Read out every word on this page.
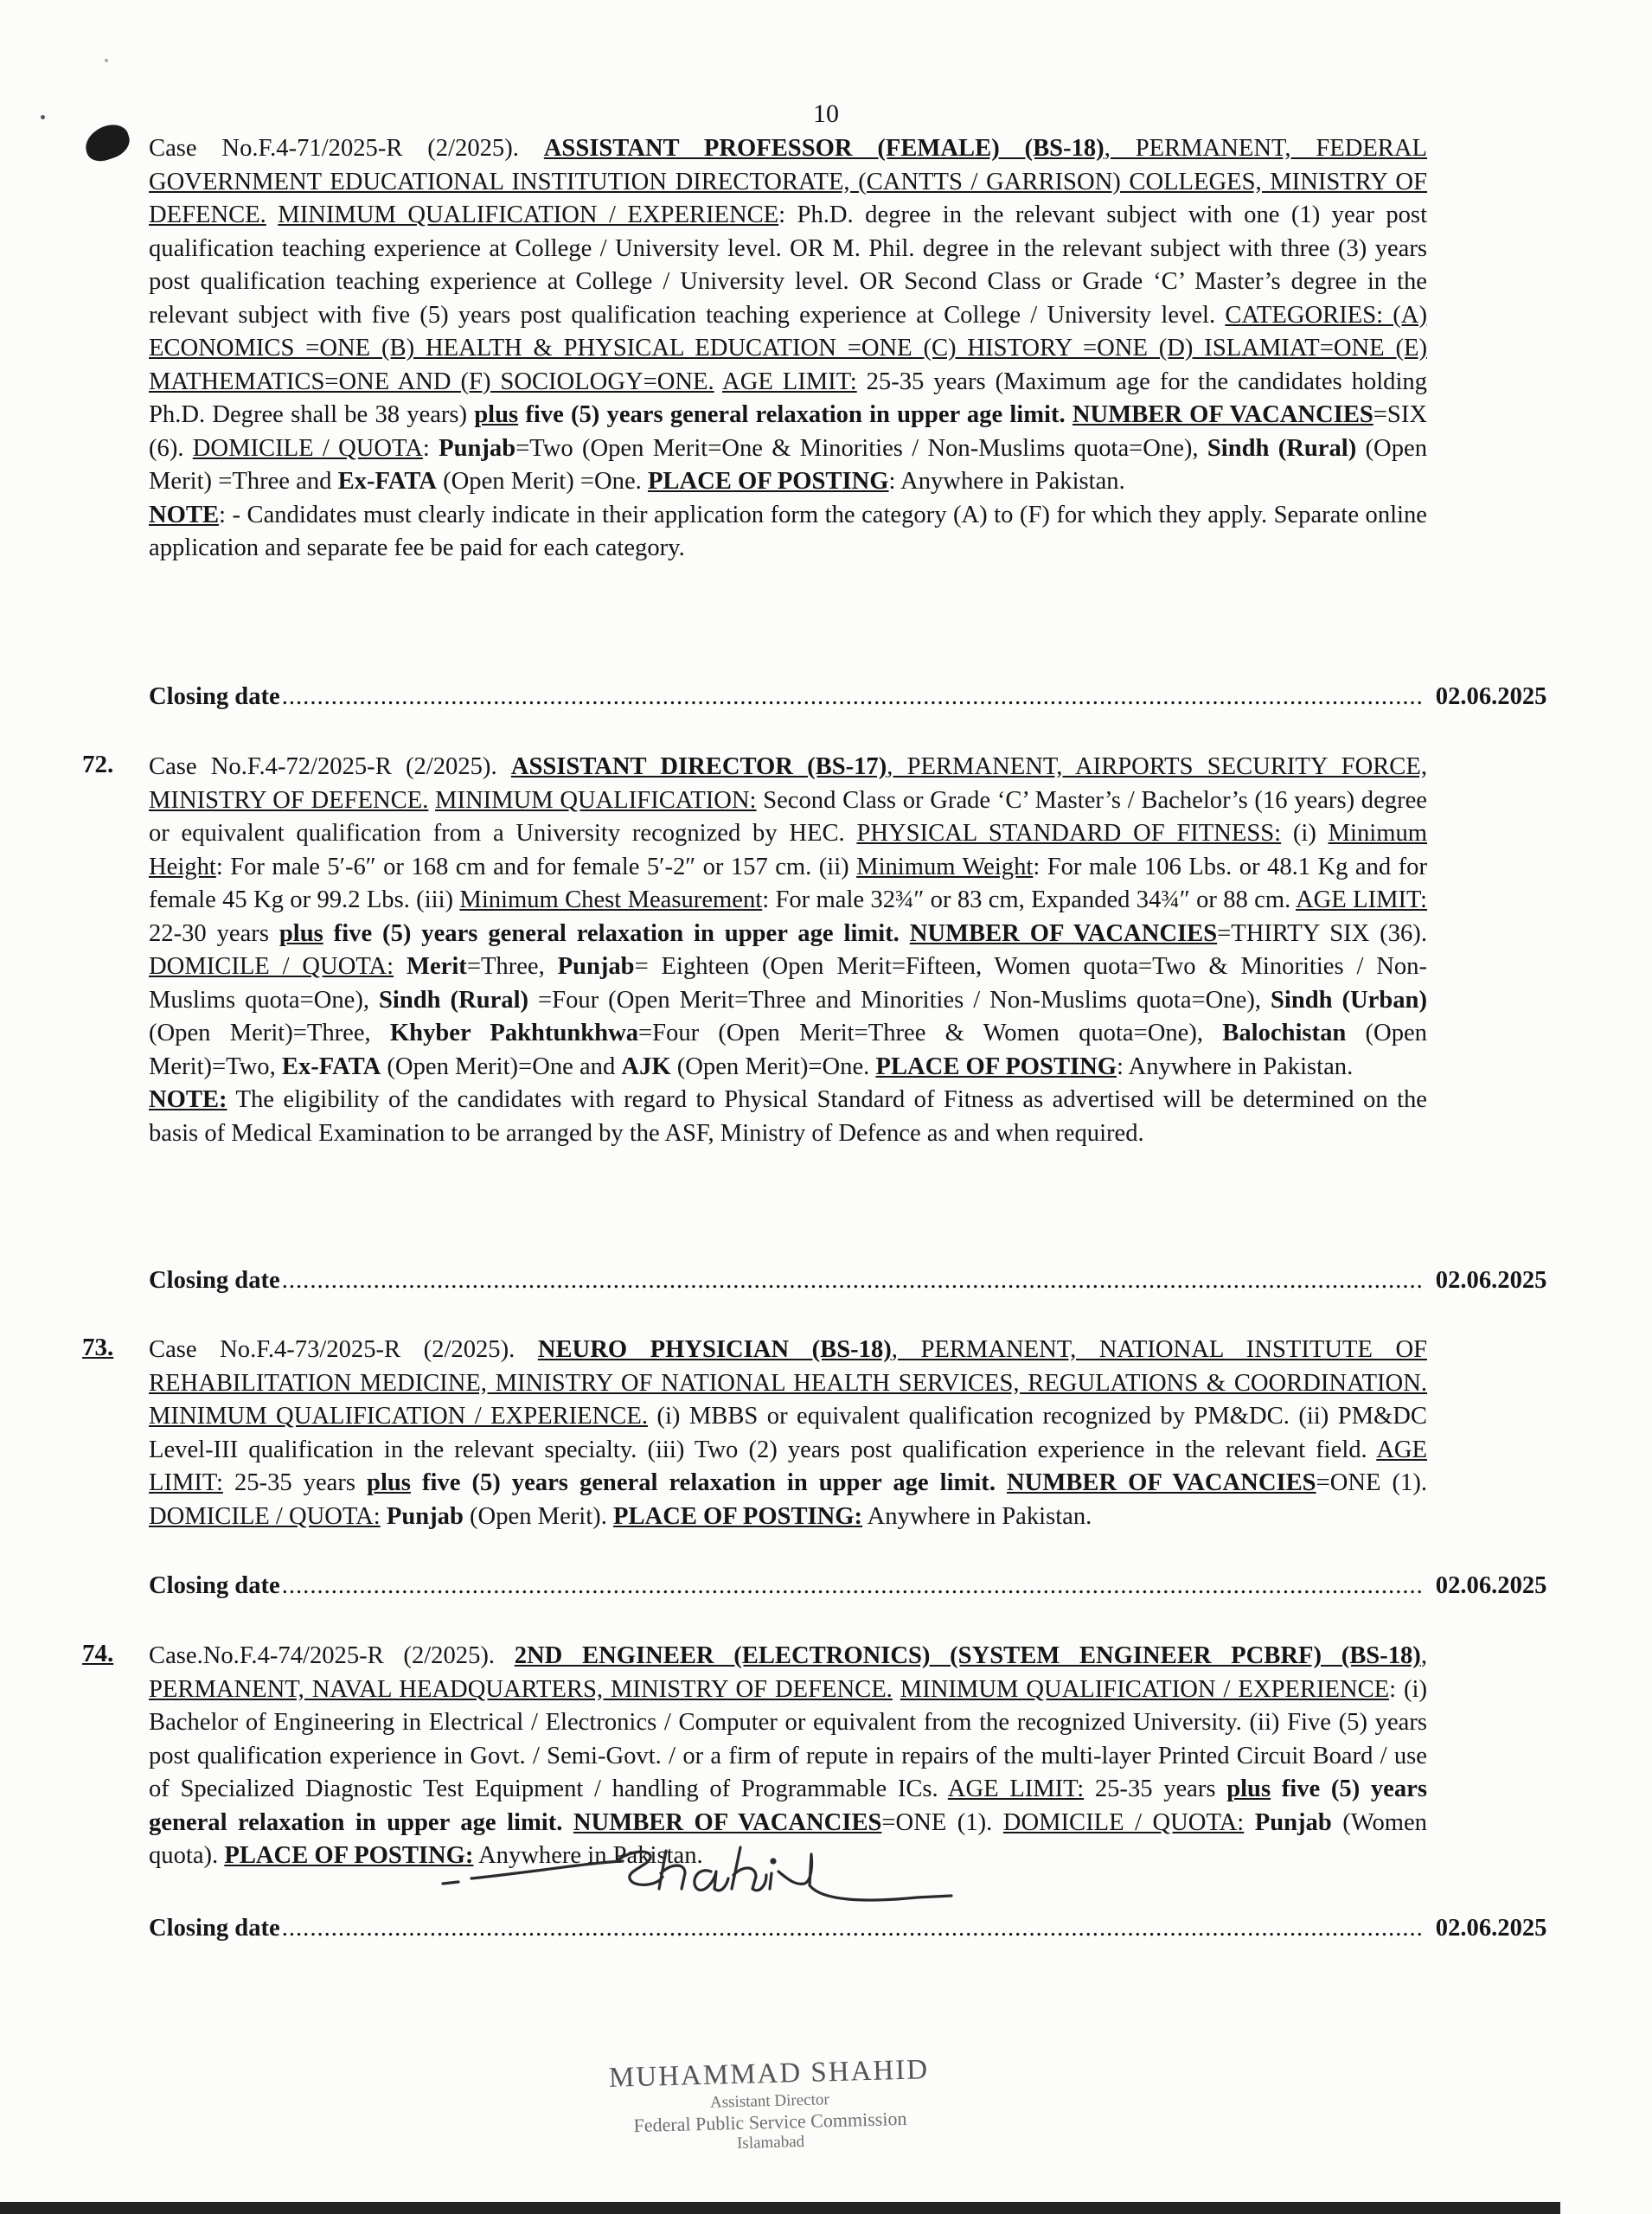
10

Case No.F.4-71/2025-R (2/2025). ASSISTANT PROFESSOR (FEMALE) (BS-18), PERMANENT, FEDERAL GOVERNMENT EDUCATIONAL INSTITUTION DIRECTORATE, (CANTTS / GARRISON) COLLEGES, MINISTRY OF DEFENCE. MINIMUM QUALIFICATION / EXPERIENCE: Ph.D. degree in the relevant subject with one (1) year post qualification teaching experience at College / University level. OR M. Phil. degree in the relevant subject with three (3) years post qualification teaching experience at College / University level. OR Second Class or Grade ‘C’ Master’s degree in the relevant subject with five (5) years post qualification teaching experience at College / University level. CATEGORIES: (A) ECONOMICS =ONE (B) HEALTH & PHYSICAL EDUCATION =ONE (C) HISTORY =ONE (D) ISLAMIAT=ONE (E) MATHEMATICS=ONE AND (F) SOCIOLOGY=ONE. AGE LIMIT: 25-35 years (Maximum age for the candidates holding Ph.D. Degree shall be 38 years) plus five (5) years general relaxation in upper age limit. NUMBER OF VACANCIES=SIX (6). DOMICILE / QUOTA: Punjab=Two (Open Merit=One & Minorities / Non-Muslims quota=One), Sindh (Rural) (Open Merit) =Three and Ex-FATA (Open Merit) =One. PLACE OF POSTING: Anywhere in Pakistan.

NOTE: - Candidates must clearly indicate in their application form the category (A) to (F) for which they apply. Separate online application and separate fee be paid for each category.

Closing date .................................................................................................................................................................. 02.06.2025
72. Case No.F.4-72/2025-R (2/2025). ASSISTANT DIRECTOR (BS-17), PERMANENT, AIRPORTS SECURITY FORCE, MINISTRY OF DEFENCE. MINIMUM QUALIFICATION: Second Class or Grade ‘C’ Master’s / Bachelor’s (16 years) degree or equivalent qualification from a University recognized by HEC. PHYSICAL STANDARD OF FITNESS: (i) Minimum Height: For male 5′-6″ or 168 cm and for female 5′-2″ or 157 cm. (ii) Minimum Weight: For male 106 Lbs. or 48.1 Kg and for female 45 Kg or 99.2 Lbs. (iii) Minimum Chest Measurement: For male 32¾″ or 83 cm, Expanded 34¾″ or 88 cm. AGE LIMIT: 22-30 years plus five (5) years general relaxation in upper age limit. NUMBER OF VACANCIES=THIRTY SIX (36). DOMICILE / QUOTA: Merit=Three, Punjab= Eighteen (Open Merit=Fifteen, Women quota=Two & Minorities / Non-Muslims quota=One), Sindh (Rural) =Four (Open Merit=Three and Minorities / Non-Muslims quota=One), Sindh (Urban) (Open Merit)=Three, Khyber Pakhtunkhwa=Four (Open Merit=Three & Women quota=One), Balochistan (Open Merit)=Two, Ex-FATA (Open Merit)=One and AJK (Open Merit)=One. PLACE OF POSTING: Anywhere in Pakistan.

NOTE: The eligibility of the candidates with regard to Physical Standard of Fitness as advertised will be determined on the basis of Medical Examination to be arranged by the ASF, Ministry of Defence as and when required.

Closing date .................................................................................................................................................................. 02.06.2025
73. Case No.F.4-73/2025-R (2/2025). NEURO PHYSICIAN (BS-18), PERMANENT, NATIONAL INSTITUTE OF REHABILITATION MEDICINE, MINISTRY OF NATIONAL HEALTH SERVICES, REGULATIONS & COORDINATION. MINIMUM QUALIFICATION / EXPERIENCE. (i) MBBS or equivalent qualification recognized by PM&DC. (ii) PM&DC Level-III qualification in the relevant specialty. (iii) Two (2) years post qualification experience in the relevant field. AGE LIMIT: 25-35 years plus five (5) years general relaxation in upper age limit. NUMBER OF VACANCIES=ONE (1). DOMICILE / QUOTA: Punjab (Open Merit). PLACE OF POSTING: Anywhere in Pakistan.

Closing date .................................................................................................................................................................. 02.06.2025
74. Case.No.F.4-74/2025-R (2/2025). 2ND ENGINEER (ELECTRONICS) (SYSTEM ENGINEER PCBRF) (BS-18), PERMANENT, NAVAL HEADQUARTERS, MINISTRY OF DEFENCE. MINIMUM QUALIFICATION / EXPERIENCE: (i) Bachelor of Engineering in Electrical / Electronics / Computer or equivalent from the recognized University. (ii) Five (5) years post qualification experience in Govt. / Semi-Govt. / or a firm of repute in repairs of the multi-layer Printed Circuit Board / use of Specialized Diagnostic Test Equipment / handling of Programmable ICs. AGE LIMIT: 25-35 years plus five (5) years general relaxation in upper age limit. NUMBER OF VACANCIES=ONE (1). DOMICILE / QUOTA: Punjab (Women quota). PLACE OF POSTING: Anywhere in Pakistan.

Closing date .................................................................................................................................................................. 02.06.2025
MUHAMMAD SHAHID
Assistant Director
Federal Public Service Commission
Islamabad
